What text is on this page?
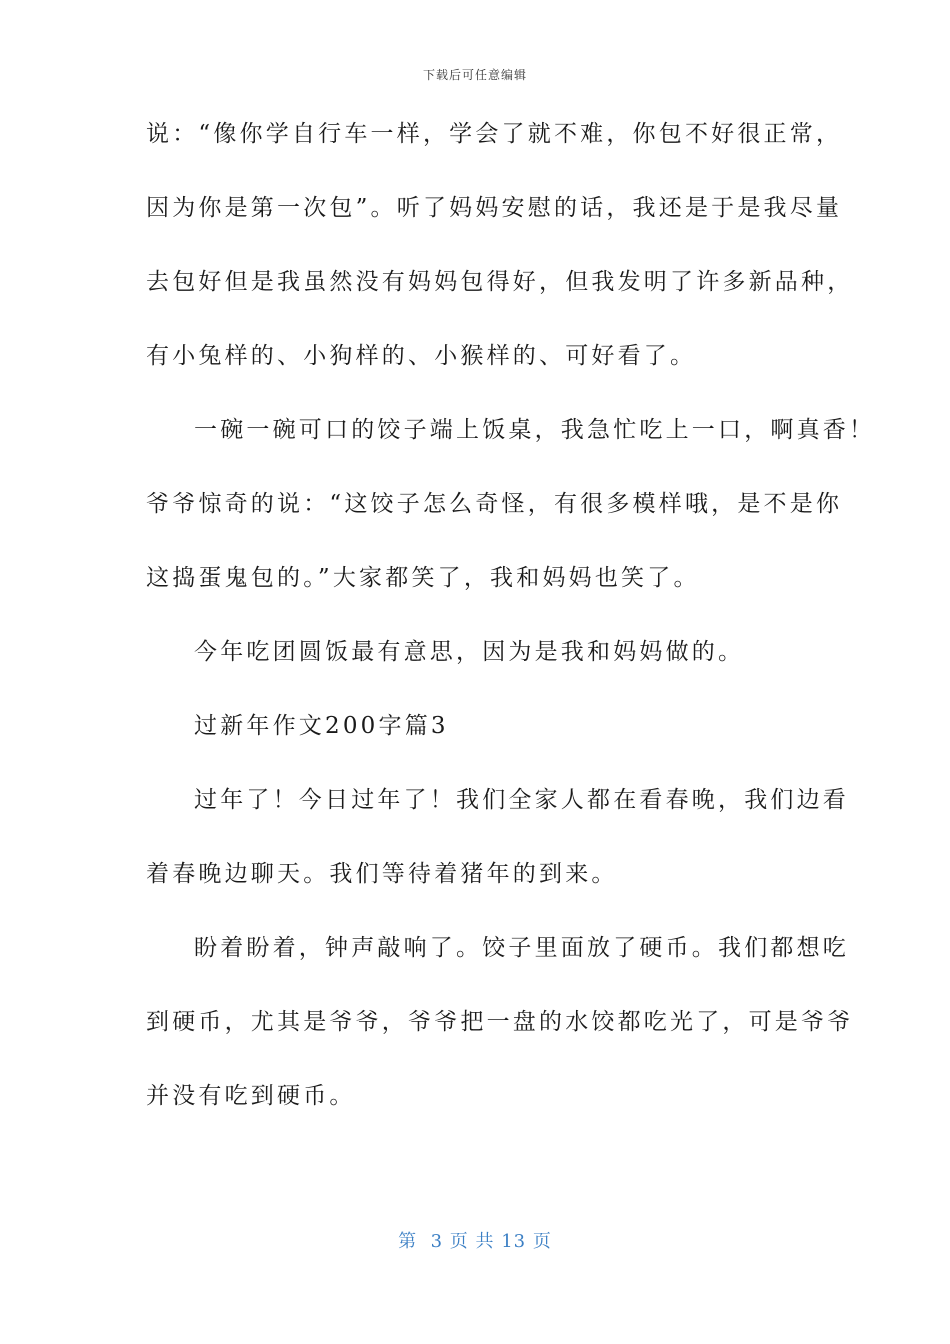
下载后可任意编辑
说：“像你学自行车一样，学会了就不难，你包不好很正常，
因为你是第一次包”。听了妈妈安慰的话，我还是于是我尽量
去包好但是我虽然没有妈妈包得好，但我发明了许多新品种，
有小兔样的、小狗样的、小猴样的、可好看了。
一碗一碗可口的饺子端上饭桌，我急忙吃上一口，啊真香！
爷爷惊奇的说：“这饺子怎么奇怪，有很多模样哦，是不是你
这捣蛋鬼包的。”大家都笑了，我和妈妈也笑了。
今年吃团圆饭最有意思，因为是我和妈妈做的。
过新年作文200字篇3
过年了！今日过年了！我们全家人都在看春晚，我们边看
着春晚边聊天。我们等待着猪年的到来。
盼着盼着，钟声敲响了。饺子里面放了硬币。我们都想吃
到硬币，尤其是爷爷，爷爷把一盘的水饺都吃光了，可是爷爷
并没有吃到硬币。
第  3 页 共 13 页
